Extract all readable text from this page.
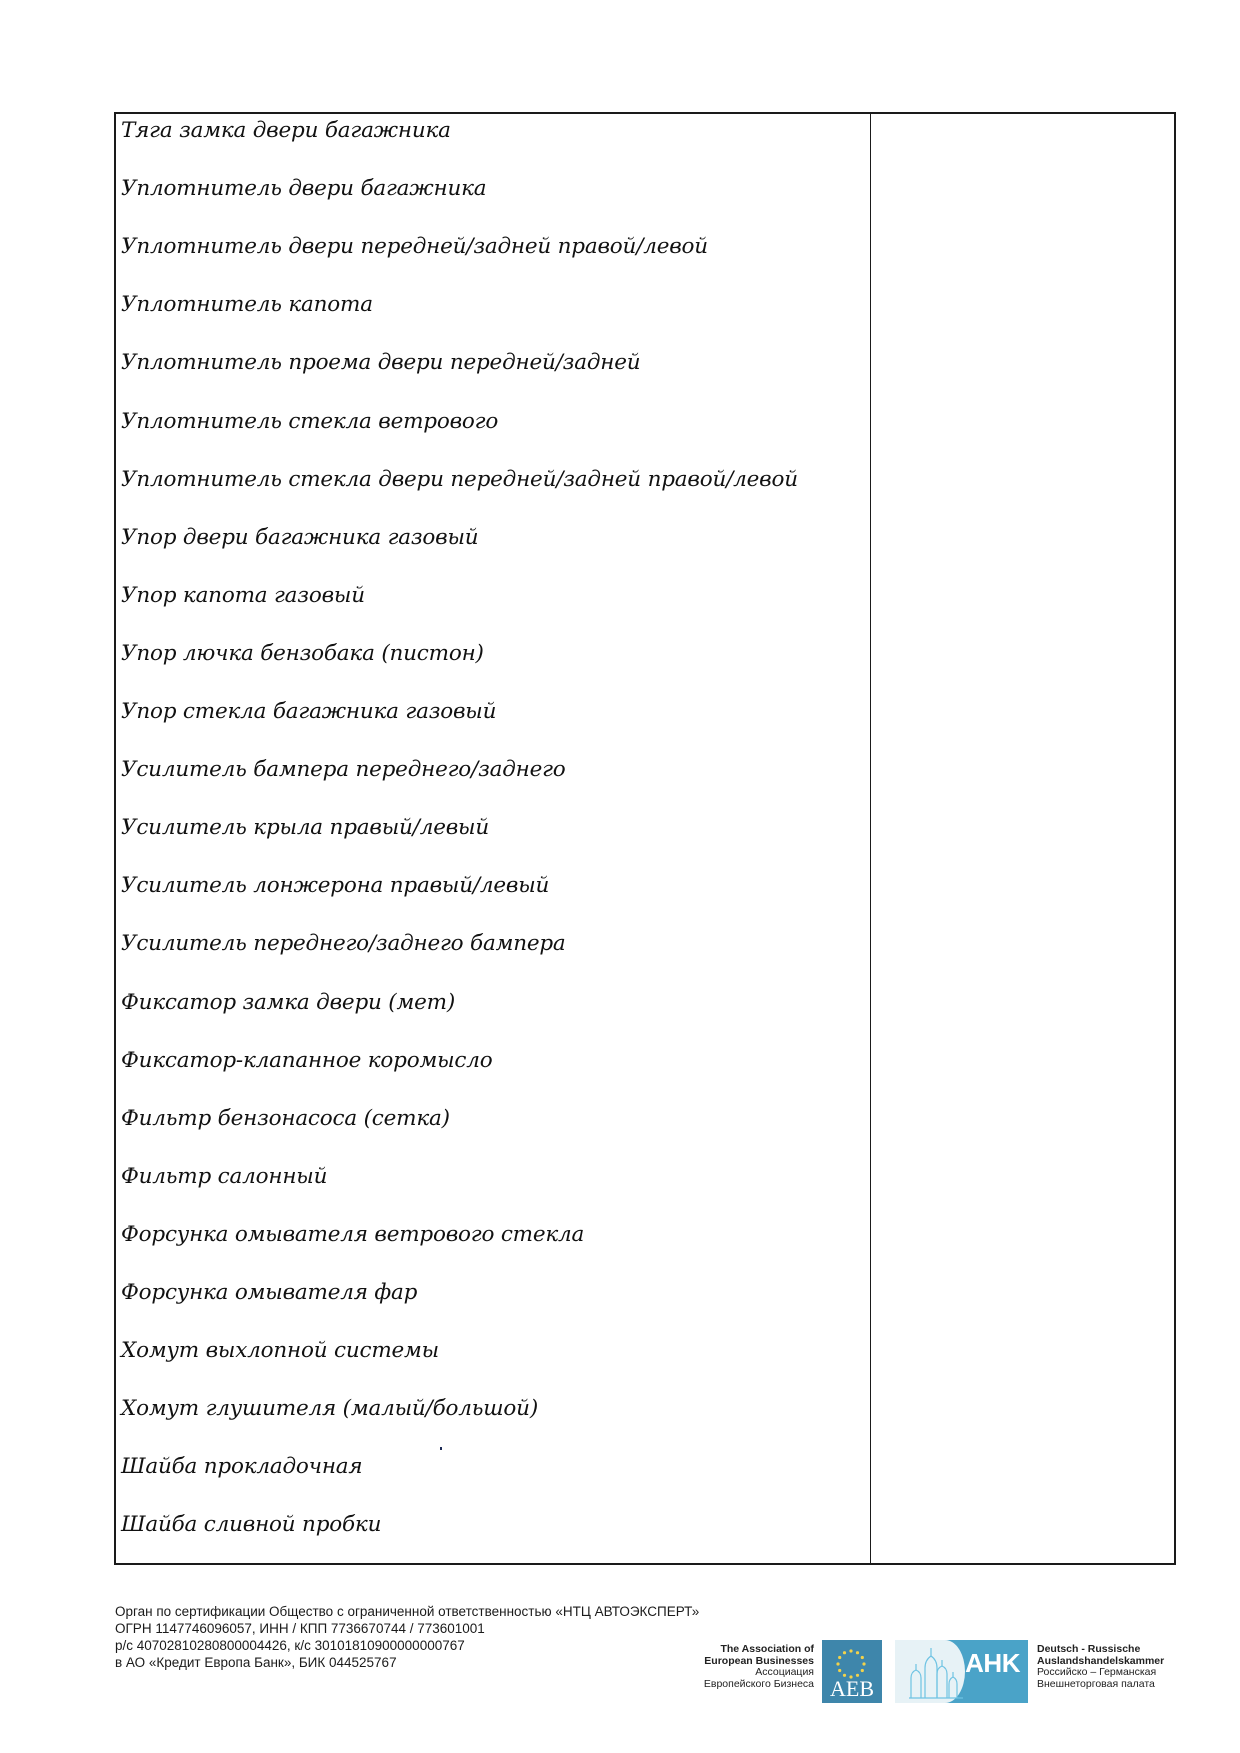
Тяга замка двери багажника
Уплотнитель двери багажника
Уплотнитель двери передней/задней правой/левой
Уплотнитель капота
Уплотнитель проема двери передней/задней
Уплотнитель стекла ветрового
Уплотнитель стекла двери передней/задней правой/левой
Упор двери багажника газовый
Упор капота газовый
Упор лючка бензобака (пистон)
Упор стекла багажника газовый
Усилитель бампера переднего/заднего
Усилитель крыла правый/левый
Усилитель лонжерона правый/левый
Усилитель переднего/заднего бампера
Фиксатор замка двери (мет)
Фиксатор-клапанное коромысло
Фильтр бензонасоса (сетка)
Фильтр салонный
Форсунка омывателя ветрового стекла
Форсунка омывателя фар
Хомут выхлопной системы
Хомут глушителя (малый/большой)
Шайба прокладочная
Шайба сливной пробки
Орган по сертификации Общество с ограниченной ответственностью «НТЦ АВТОЭКСПЕРТ»
ОГРН 1147746096057, ИНН / КПП 7736670744 / 773601001
р/с 40702810280800004426, к/с 30101810900000000767
в АО «Кредит Европа Банк», БИК 044525767
The Association of
European Businesses
Ассоциация
Европейского Бизнеса AEB
AHK Deutsch - Russische
Auslandshandelskammer
Российско – Германская
Внешнеторговая палата
